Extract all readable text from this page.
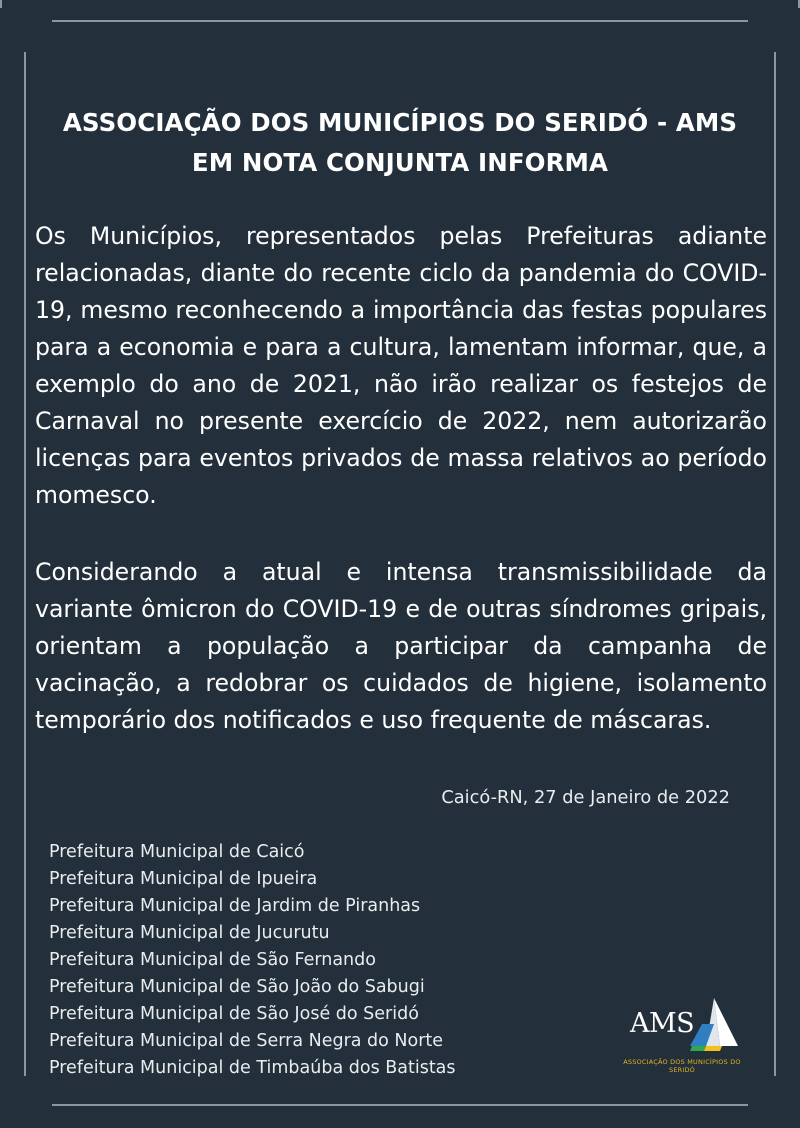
ASSOCIAÇÃO DOS MUNICÍPIOS DO SERIDÓ - AMS
EM NOTA CONJUNTA INFORMA
Os Municípios, representados pelas Prefeituras adiante relacionadas, diante do recente ciclo da pandemia do COVID-19, mesmo reconhecendo a importância das festas populares para a economia e para a cultura, lamentam informar, que, a exemplo do ano de 2021, não irão realizar os festejos de Carnaval no presente exercício de 2022, nem autorizarão licenças para eventos privados de massa relativos ao período momesco.
Considerando a atual e intensa transmissibilidade da variante ômicron do COVID-19 e de outras síndromes gripais, orientam a população a participar da campanha de vacinação, a redobrar os cuidados de higiene, isolamento temporário dos notificados e uso frequente de máscaras.
Caicó-RN, 27 de Janeiro de 2022
Prefeitura Municipal de Caicó
Prefeitura Municipal de Ipueira
Prefeitura Municipal de Jardim de Piranhas
Prefeitura Municipal de Jucurutu
Prefeitura Municipal de São Fernando
Prefeitura Municipal de São João do Sabugi
Prefeitura Municipal de São José do Seridó
Prefeitura Municipal de Serra Negra do Norte
Prefeitura Municipal de Timbaúba dos Batistas
AMS
ASSOCIAÇÃO DOS MUNICÍPIOS DO SERIDÓ
